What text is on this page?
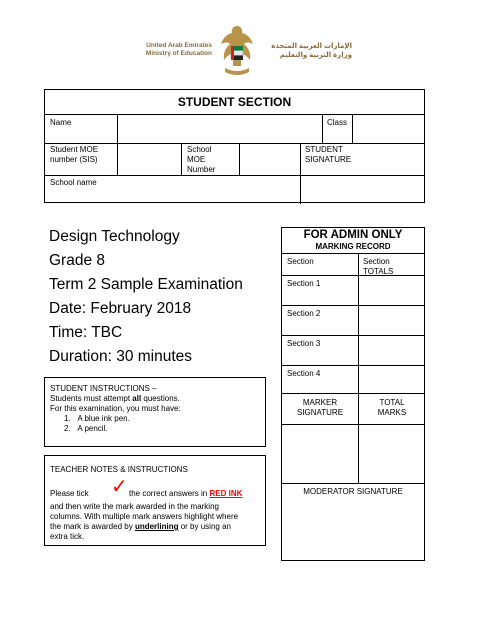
United Arab Emirates
Ministry of Education
الإمارات العربية المتحدة
وزارة التربية والتعليم
STUDENT SECTION
Name	Class
Student MOE
number (SIS)
School
MOE
Number
STUDENT
SIGNATURE
School name
Design Technology
Grade 8
Term 2 Sample Examination
Date: February 2018
Time: TBC
Duration: 30 minutes
STUDENT INSTRUCTIONS –
Students must attempt all questions.
For this examination, you must have:
1.   A blue ink pen.
2.   A pencil.
TEACHER NOTES & INSTRUCTIONS
Please tick ✓ the correct answers in RED INK
and then write the mark awarded in the marking
columns. With multiple mark answers highlight where
the mark is awarded by underlining or by using an
extra tick.
FOR ADMIN ONLY
MARKING RECORD
Section	Section
TOTALS
Section 1
Section 2
Section 3
Section 4
MARKER
SIGNATURE
TOTAL
MARKS
MODERATOR SIGNATURE
